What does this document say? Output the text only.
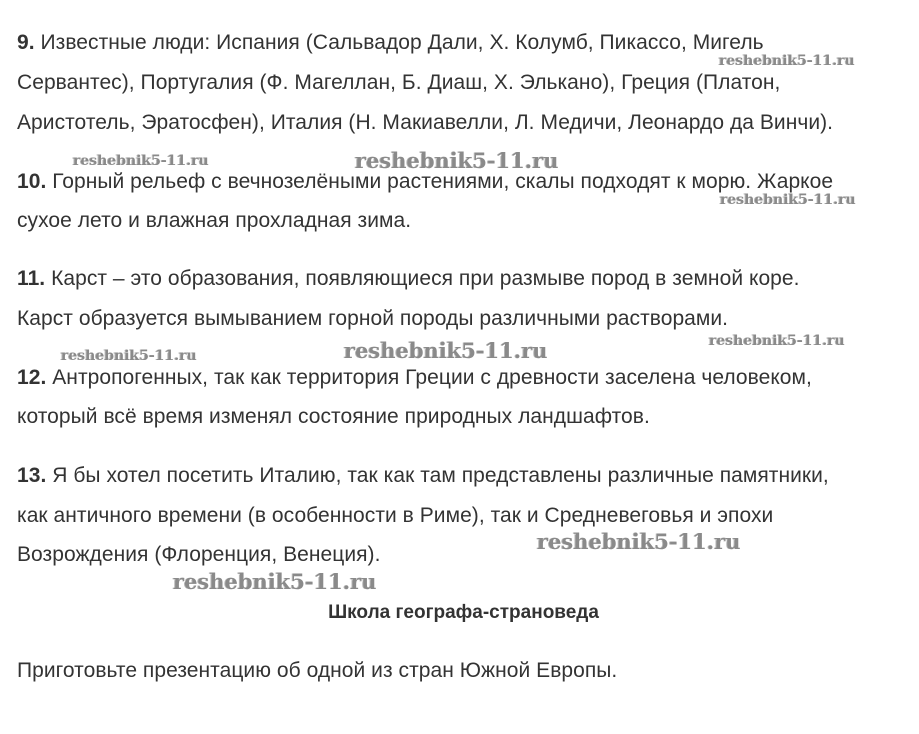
9. Известные люди: Испания (Сальвадор Дали, Х. Колумб, Пикассо, Мигель
Сервантес), Португалия (Ф. Магеллан, Б. Диаш, Х. Элькано), Греция (Платон,
Аристотель, Эратосфен), Италия (Н. Макиавелли, Л. Медичи, Леонардо да Винчи).
10. Горный рельеф с вечнозелёными растениями, скалы подходят к морю. Жаркое
сухое лето и влажная прохладная зима.
11. Карст – это образования, появляющиеся при размыве пород в земной коре.
Карст образуется вымыванием горной породы различными растворами.
12. Антропогенных, так как территория Греции с древности заселена человеком,
который всё время изменял состояние природных ландшафтов.
13. Я бы хотел посетить Италию, так как там представлены различные памятники,
как античного времени (в особенности в Риме), так и Средневеговья и эпохи
Возрождения (Флоренция, Венеция).
Школа географа-страноведа
Приготовьте презентацию об одной из стран Южной Европы.
reshebnik5-11.ru
reshebnik5-11.ru	reshebnik5-11.ru
reshebnik5-11.ru
reshebnik5-11.ru	reshebnik5-11.ru	reshebnik5-11.ru
reshebnik5-11.ru
reshebnik5-11.ru
